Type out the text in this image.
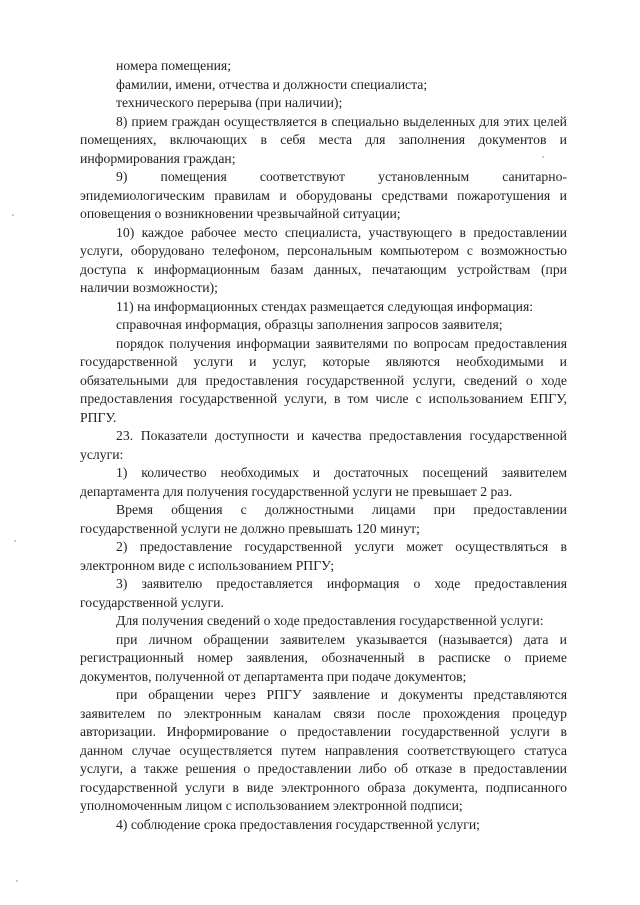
номера помещения;

фамилии, имени, отчества и должности специалиста;

технического перерыва (при наличии);

8) прием граждан осуществляется в специально выделенных для этих целей помещениях, включающих в себя места для заполнения документов и информирования граждан;

9) помещения соответствуют установленным санитарно-эпидемиологическим правилам и оборудованы средствами пожаротушения и оповещения о возникновении чрезвычайной ситуации;

10) каждое рабочее место специалиста, участвующего в предоставлении услуги, оборудовано телефоном, персональным компьютером с возможностью доступа к информационным базам данных, печатающим устройствам (при наличии возможности);

11) на информационных стендах размещается следующая информация:

справочная информация, образцы заполнения запросов заявителя;

порядок получения информации заявителями по вопросам предоставления государственной услуги и услуг, которые являются необходимыми и обязательными для предоставления государственной услуги, сведений о ходе предоставления государственной услуги, в том числе с использованием ЕПГУ, РПГУ.

23. Показатели доступности и качества предоставления государственной услуги:

1) количество необходимых и достаточных посещений заявителем департамента для получения государственной услуги не превышает 2 раз.

Время общения с должностными лицами при предоставлении государственной услуги не должно превышать 120 минут;

2) предоставление государственной услуги может осуществляться в электронном виде с использованием РПГУ;

3) заявителю предоставляется информация о ходе предоставления государственной услуги.

Для получения сведений о ходе предоставления государственной услуги:

при личном обращении заявителем указывается (называется) дата и регистрационный номер заявления, обозначенный в расписке о приеме документов, полученной от департамента при подаче документов;

при обращении через РПГУ заявление и документы представляются заявителем по электронным каналам связи после прохождения процедур авторизации. Информирование о предоставлении государственной услуги в данном случае осуществляется путем направления соответствующего статуса услуги, а также решения о предоставлении либо об отказе в предоставлении государственной услуги в виде электронного образа документа, подписанного уполномоченным лицом с использованием электронной подписи;

4) соблюдение срока предоставления государственной услуги;
